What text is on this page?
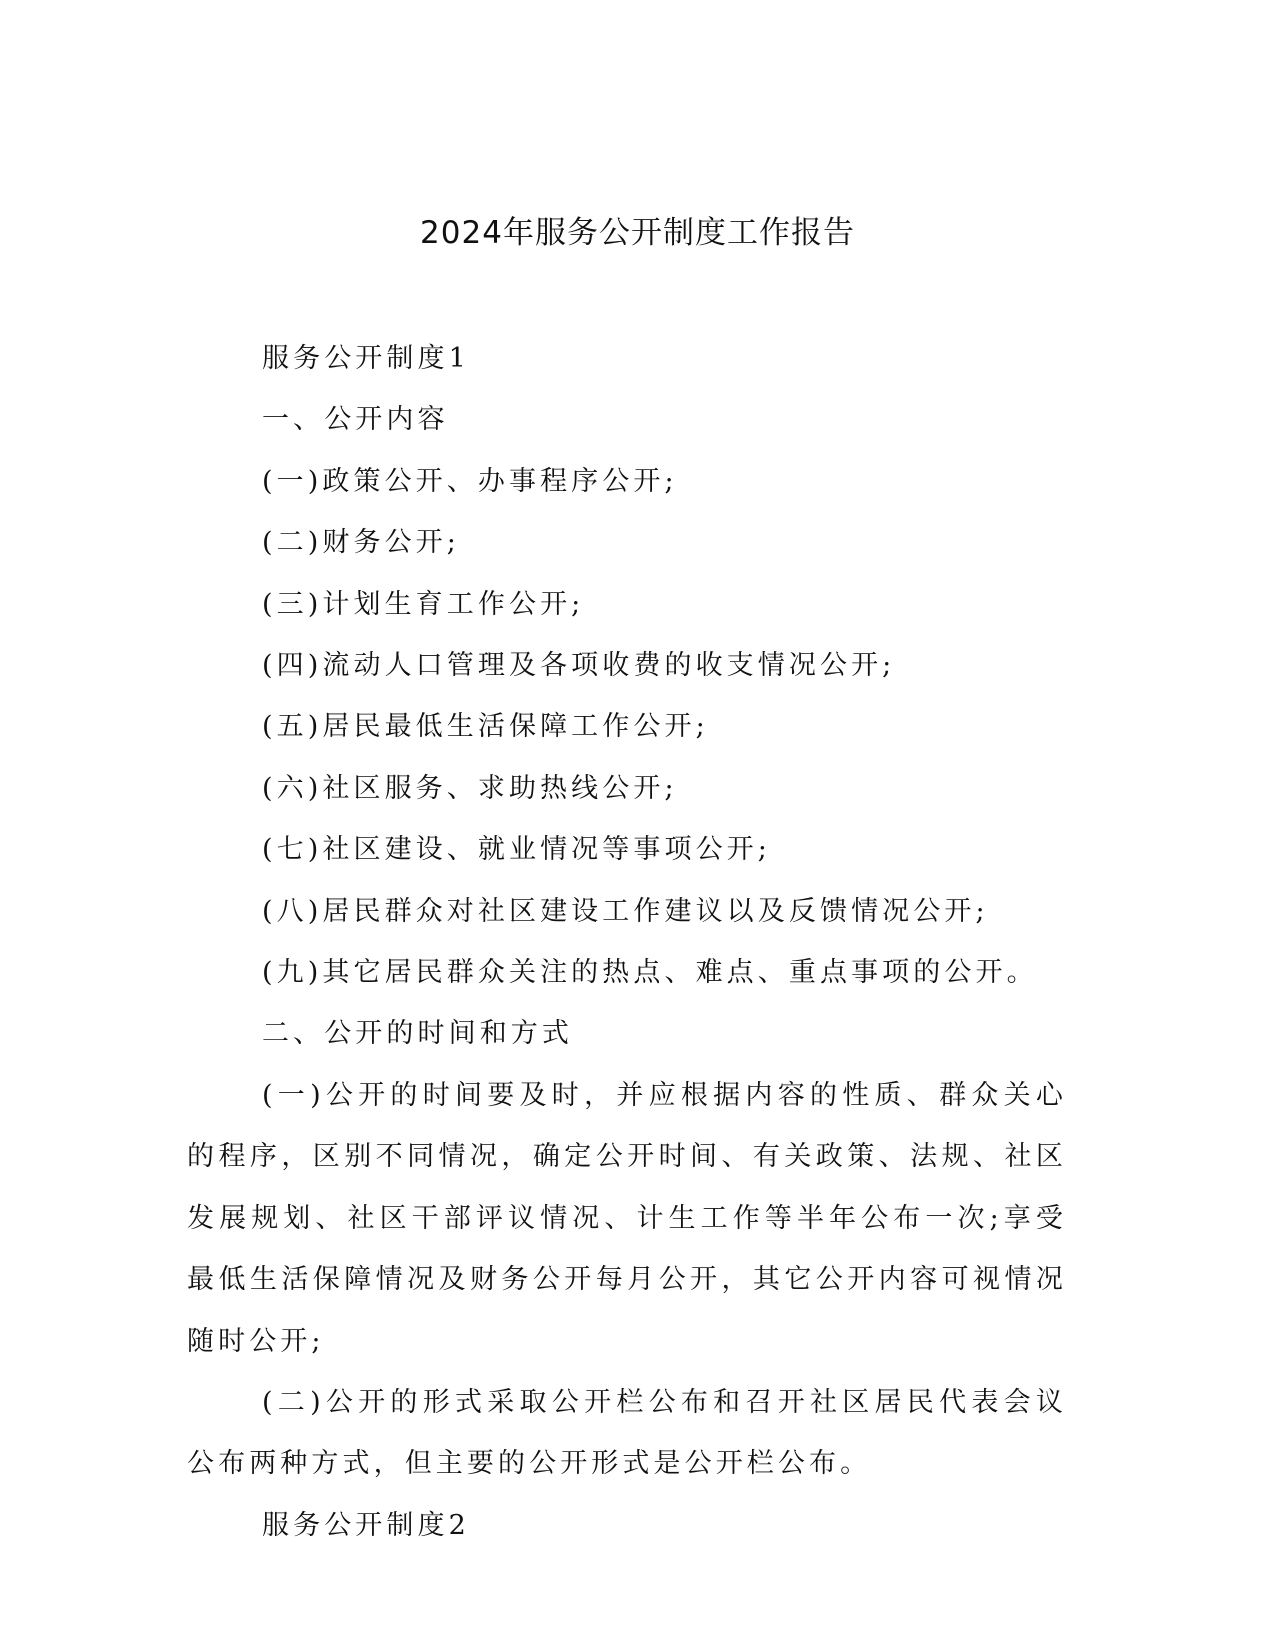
2024年服务公开制度工作报告

服务公开制度1

一、公开内容

(一)政策公开、办事程序公开;

(二)财务公开;

(三)计划生育工作公开;

(四)流动人口管理及各项收费的收支情况公开;

(五)居民最低生活保障工作公开;

(六)社区服务、求助热线公开;

(七)社区建设、就业情况等事项公开;

(八)居民群众对社区建设工作建议以及反馈情况公开;

(九)其它居民群众关注的热点、难点、重点事项的公开。

二、公开的时间和方式

(一)公开的时间要及时，并应根据内容的性质、群众关心的程序，区别不同情况，确定公开时间、有关政策、法规、社区发展规划、社区干部评议情况、计生工作等半年公布一次;享受最低生活保障情况及财务公开每月公开，其它公开内容可视情况随时公开;

(二)公开的形式采取公开栏公布和召开社区居民代表会议公布两种方式，但主要的公开形式是公开栏公布。

服务公开制度2
